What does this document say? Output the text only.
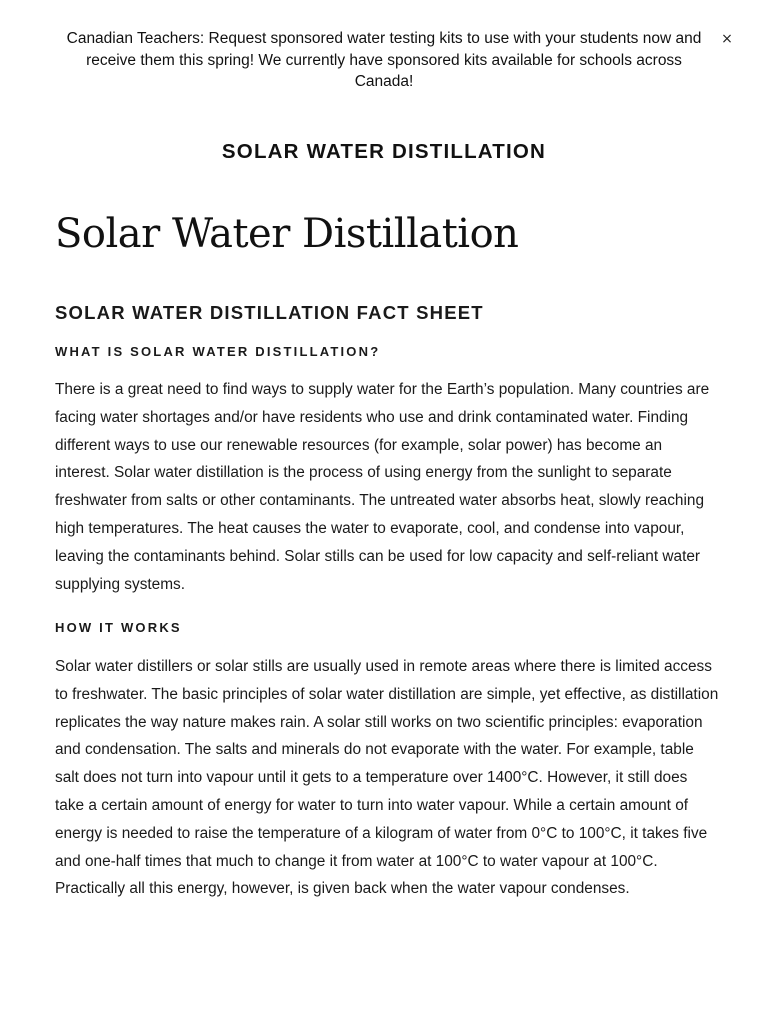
Canadian Teachers: Request sponsored water testing kits to use with your students now and receive them this spring! We currently have sponsored kits available for schools across Canada!
×
SOLAR WATER DISTILLATION
Solar Water Distillation
SOLAR WATER DISTILLATION FACT SHEET
WHAT IS SOLAR WATER DISTILLATION?

There is a great need to find ways to supply water for the Earth’s population. Many countries are facing water shortages and/or have residents who use and drink contaminated water. Finding different ways to use our renewable resources (for example, solar power) has become an interest. Solar water distillation is the process of using energy from the sunlight to separate freshwater from salts or other contaminants. The untreated water absorbs heat, slowly reaching high temperatures. The heat causes the water to evaporate, cool, and condense into vapour, leaving the contaminants behind. Solar stills can be used for low capacity and self-reliant water supplying systems.

HOW IT WORKS

Solar water distillers or solar stills are usually used in remote areas where there is limited access to freshwater. The basic principles of solar water distillation are simple, yet effective, as distillation replicates the way nature makes rain. A solar still works on two scientific principles: evaporation and condensation. The salts and minerals do not evaporate with the water. For example, table salt does not turn into vapour until it gets to a temperature over 1400°C. However, it still does take a certain amount of energy for water to turn into water vapour. While a certain amount of energy is needed to raise the temperature of a kilogram of water from 0°C to 100°C, it takes five and one-half times that much to change it from water at 100°C to water vapour at 100°C. Practically all this energy, however, is given back when the water vapour condenses.
